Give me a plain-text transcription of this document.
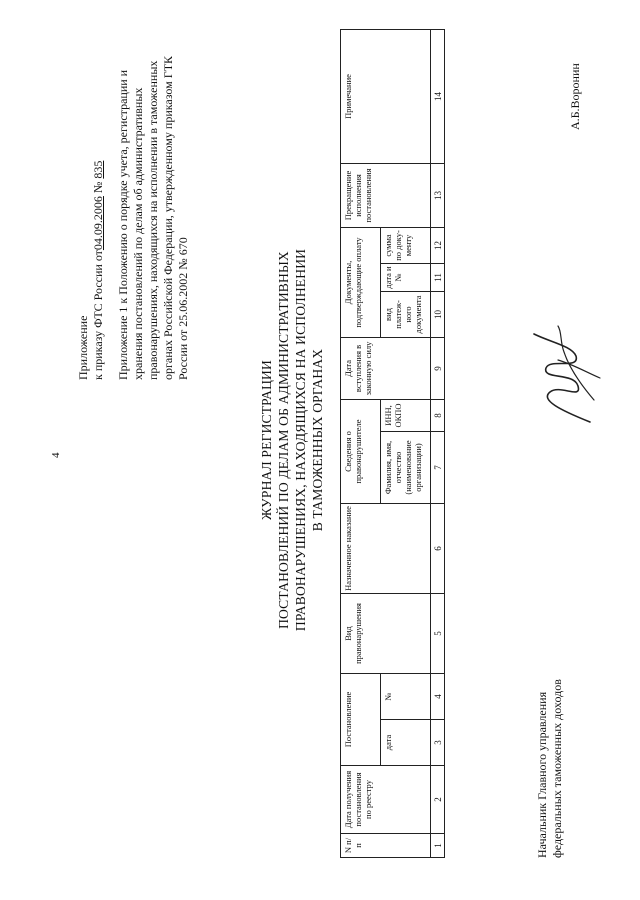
4
Приложение к приказу ФТС России от04.09.2006 № 835 Приложение 1 к Положению о порядке учета, регистрации и хранения постановлений по делам об административных правонарушениях, находящихся на исполнении в таможенных органах Российской Федерации, утвержденному приказом ГТК России от 25.06.2002 № 670
ЖУРНАЛ РЕГИСТРАЦИИ ПОСТАНОВЛЕНИЙ ПО ДЕЛАМ ОБ АДМИНИСТРАТИВНЫХ ПРАВОНАРУШЕНИЯХ, НАХОДЯЩИХСЯ НА ИСПОЛНЕНИИ В ТАМОЖЕННЫХ ОРГАНАХ
N п/п	Дата получения постановления по реестру	Постановление		Вид правонарушения	Назначенное наказание	Сведения о правонарушителе		Дата вступления в законную силу	Документы, подтверждающие оплату			Прекращение исполнения постановления	Примечание
		дата	№			Фамилия, имя, отчество (наименование организации)	ИНН, ОКПО		вид платеж-ного документа	дата и №	сумма по доку-менту		
1	2	3	4	5	6	7	8	9	10	11	12	13	14
Начальник Главного управления федеральных таможенных доходов
А.Б.Воронин
